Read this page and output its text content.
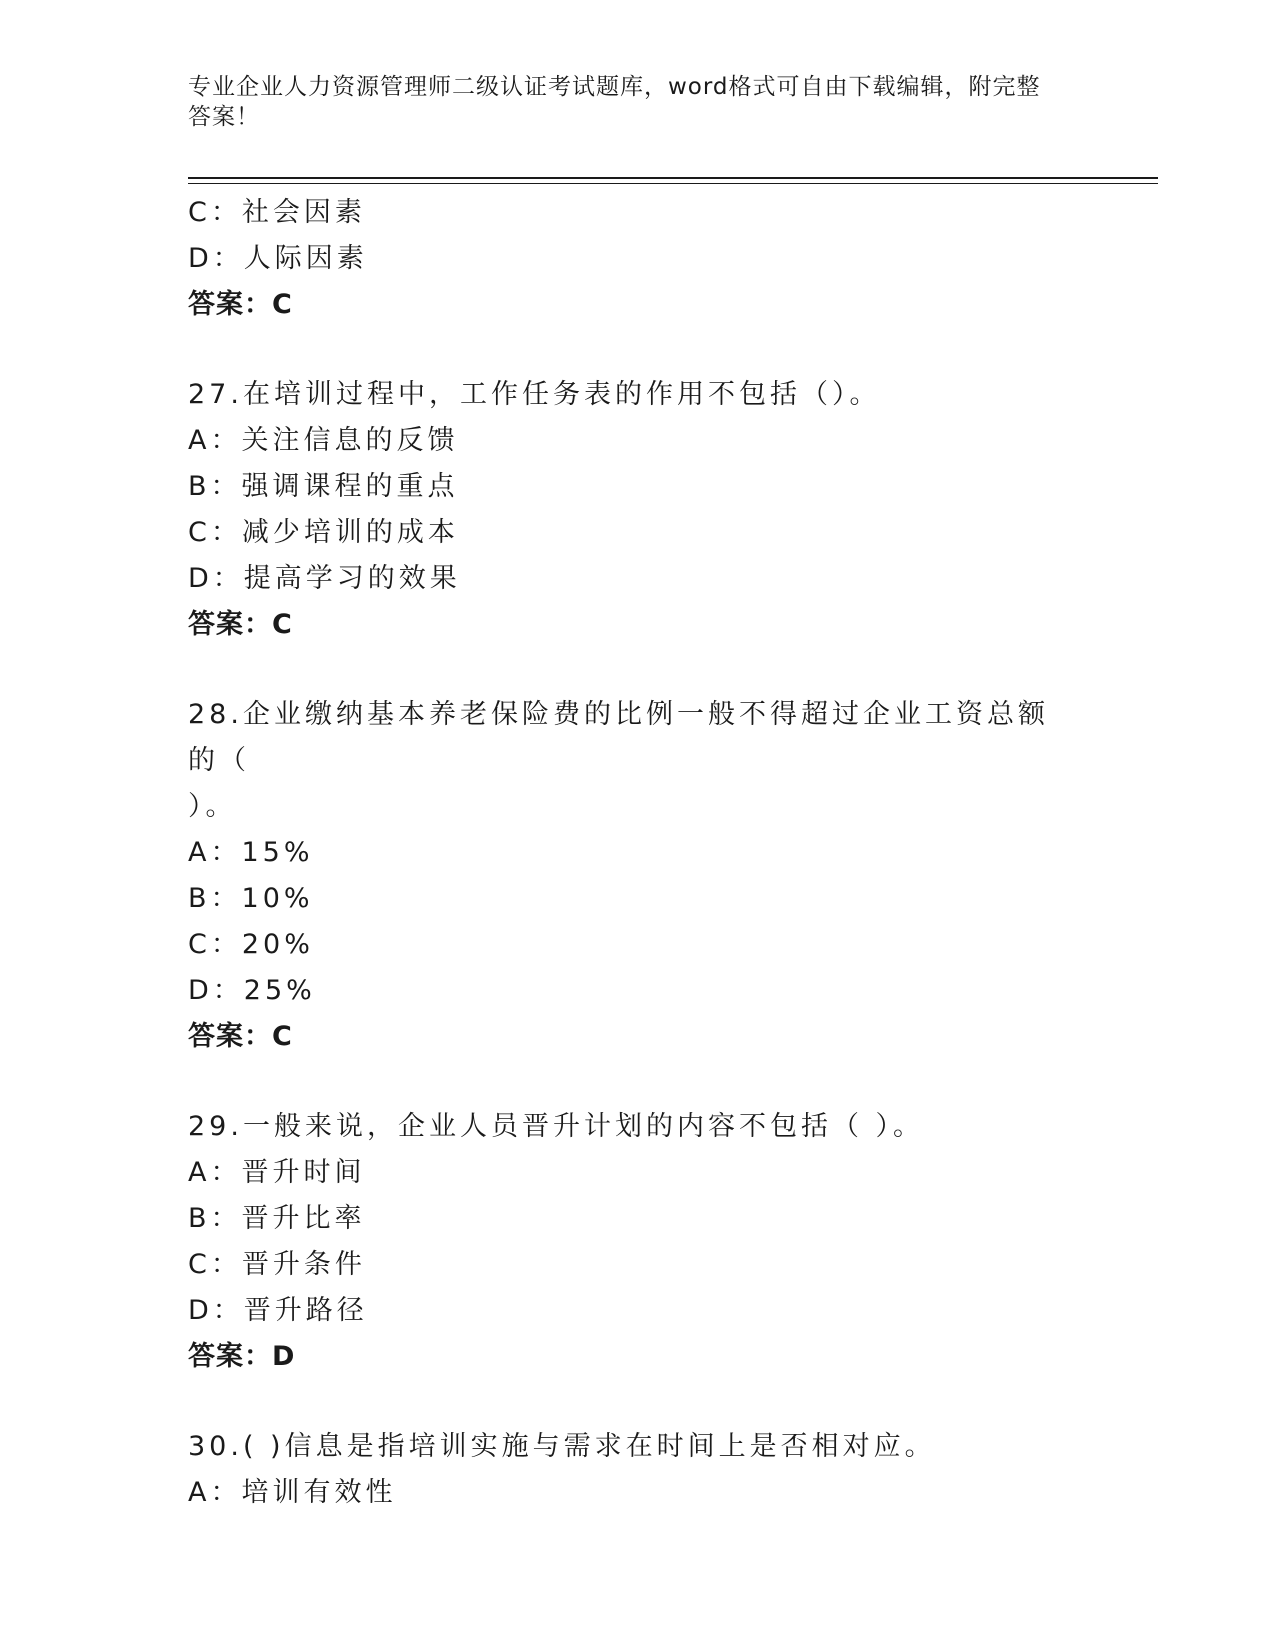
专业企业人力资源管理师二级认证考试题库，word格式可自由下载编辑，附完整
答案！
C：社会因素
D：人际因素
答案：C
27.在培训过程中，工作任务表的作用不包括（）。
A：关注信息的反馈
B：强调课程的重点
C：减少培训的成本
D：提高学习的效果
答案：C
28.企业缴纳基本养老保险费的比例一般不得超过企业工资总额的（
）。
A：15%
B：10%
C：20%
D：25%
答案：C
29.一般来说，企业人员晋升计划的内容不包括（ ）。
A：晋升时间
B：晋升比率
C：晋升条件
D：晋升路径
答案：D
30.( )信息是指培训实施与需求在时间上是否相对应。
A：培训有效性
